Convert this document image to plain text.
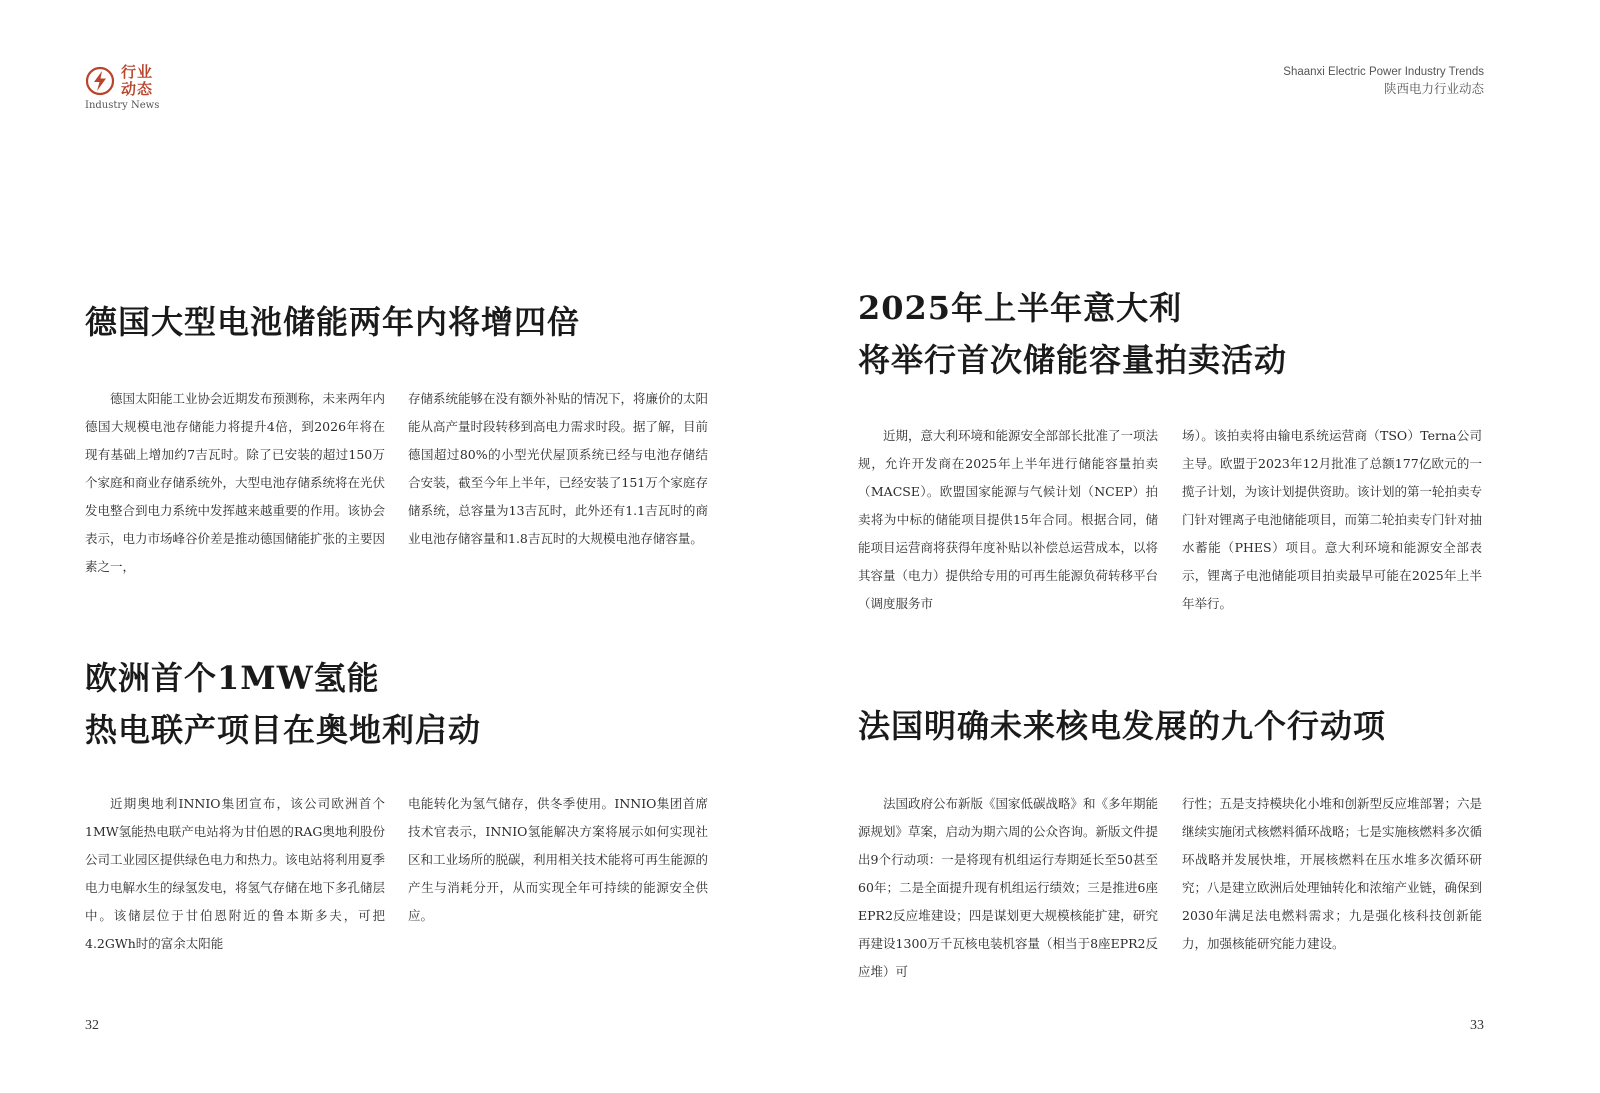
行业
动态
Industry News
Shaanxi Electric Power Industry Trends
陕西电力行业动态
德国大型电池储能两年内将增四倍

德国太阳能工业协会近期发布预测称，未来两年内德国大规模电池存储能力将提升4倍，到2026年将在现有基础上增加约7吉瓦时。除了已安装的超过150万个家庭和商业存储系统外，大型电池存储系统将在光伏发电整合到电力系统中发挥越来越重要的作用。该协会表示，电力市场峰谷价差是推动德国储能扩张的主要因素之一，

存储系统能够在没有额外补贴的情况下，将廉价的太阳能从高产量时段转移到高电力需求时段。据了解，目前德国超过80%的小型光伏屋顶系统已经与电池存储结合安装，截至今年上半年，已经安装了151万个家庭存储系统，总容量为13吉瓦时，此外还有1.1吉瓦时的商业电池存储容量和1.8吉瓦时的大规模电池存储容量。

欧洲首个1MW氢能
热电联产项目在奥地利启动

近期奥地利INNIO集团宣布，该公司欧洲首个1MW氢能热电联产电站将为甘伯恩的RAG奥地利股份公司工业园区提供绿色电力和热力。该电站将利用夏季电力电解水生的绿氢发电，将氢气存储在地下多孔储层中。该储层位于甘伯恩附近的鲁本斯多夫，可把4.2GWh时的富余太阳能

电能转化为氢气储存，供冬季使用。INNIO集团首席技术官表示，INNIO氢能解决方案将展示如何实现社区和工业场所的脱碳，利用相关技术能将可再生能源的产生与消耗分开，从而实现全年可持续的能源安全供应。

2025年上半年意大利
将举行首次储能容量拍卖活动

近期，意大利环境和能源安全部部长批准了一项法规，允许开发商在2025年上半年进行储能容量拍卖（MACSE）。欧盟国家能源与气候计划（NCEP）拍卖将为中标的储能项目提供15年合同。根据合同，储能项目运营商将获得年度补贴以补偿总运营成本，以将其容量（电力）提供给专用的可再生能源负荷转移平台（调度服务市

场）。该拍卖将由输电系统运营商（TSO）Terna公司主导。欧盟于2023年12月批准了总额177亿欧元的一揽子计划，为该计划提供资助。该计划的第一轮拍卖专门针对锂离子电池储能项目，而第二轮拍卖专门针对抽水蓄能（PHES）项目。意大利环境和能源安全部表示，锂离子电池储能项目拍卖最早可能在2025年上半年举行。

法国明确未来核电发展的九个行动项

法国政府公布新版《国家低碳战略》和《多年期能源规划》草案，启动为期六周的公众咨询。新版文件提出9个行动项：一是将现有机组运行寿期延长至50甚至60年；二是全面提升现有机组运行绩效；三是推进6座EPR2反应堆建设；四是谋划更大规模核能扩建，研究再建设1300万千瓦核电装机容量（相当于8座EPR2反应堆）可

行性；五是支持模块化小堆和创新型反应堆部署；六是继续实施闭式核燃料循环战略；七是实施核燃料多次循环战略并发展快堆，开展核燃料在压水堆多次循环研究；八是建立欧洲后处理铀转化和浓缩产业链，确保到2030年满足法电燃料需求；九是强化核科技创新能力，加强核能研究能力建设。

32	33
